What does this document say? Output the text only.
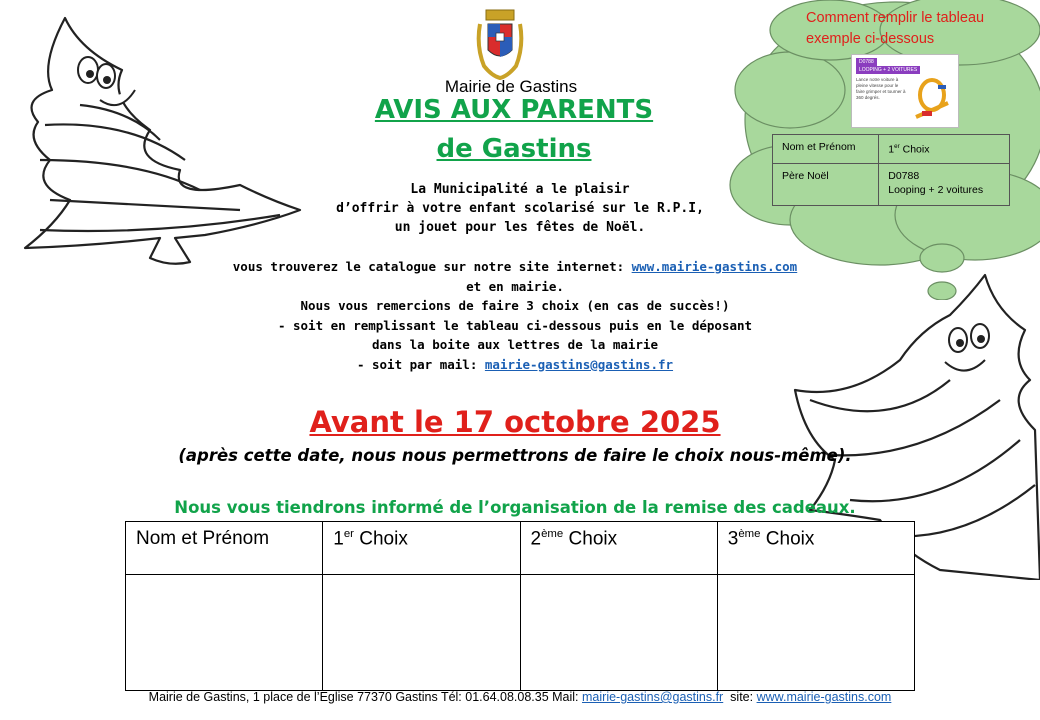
Mairie de Gastins
AVIS AUX PARENTS
de Gastins
La Municipalité a le plaisir
d’offrir à votre enfant scolarisé sur le R.P.I,
un jouet pour les fêtes de Noël.
vous trouverez le catalogue sur notre site internet: www.mairie-gastins.com
et en mairie.
Nous vous remercions de faire 3 choix (en cas de succès!)
- soit en remplissant le tableau ci-dessous puis en le déposant
dans la boite aux lettres de la mairie
- soit par mail: mairie-gastins@gastins.fr
Avant le 17 octobre 2025
(après cette date, nous nous permettrons de faire le choix nous-même).
Nous vous tiendrons informé de l’organisation de la remise des cadeaux.
Nom et Prénom	1er Choix	2ème Choix	3ème Choix

Comment remplir le tableau
exemple ci-dessous
D0788
LOOPING + 2 VOITURES
Lance notre voiture à pleine vitesse pour le faire grimper et tourner à 360 degrés.
Nom et Prénom	1er Choix
Père Noël	D0788
Looping + 2 voitures
Mairie de Gastins, 1 place de l’Eglise 77370 Gastins Tél: 01.64.08.08.35 Mail: mairie-gastins@gastins.fr  site: www.mairie-gastins.com
